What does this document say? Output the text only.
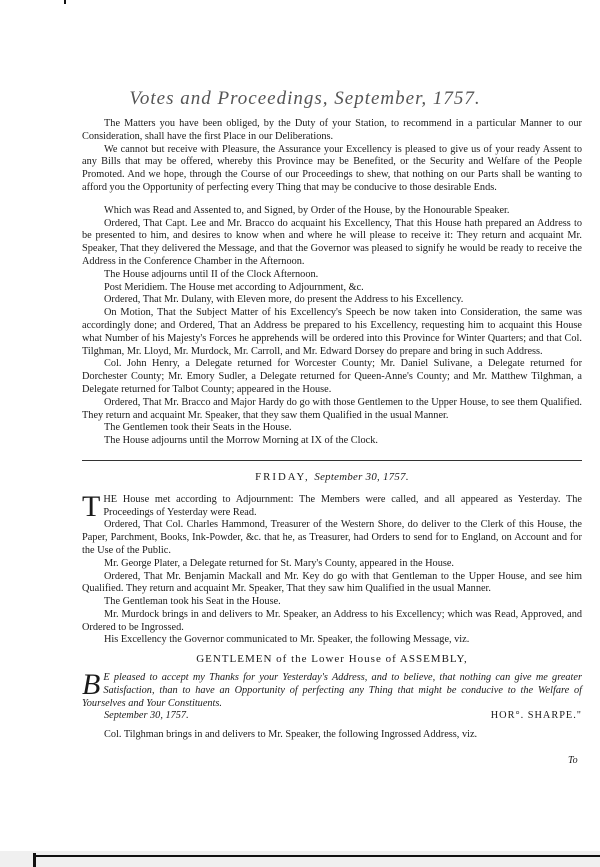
Votes and Proceedings, September, 1757.

The Matters you have been obliged, by the Duty of your Station, to recommend in a particular Manner to our Consideration, shall have the first Place in our Deliberations.

We cannot but receive with Pleasure, the Assurance your Excellency is pleased to give us of your ready Assent to any Bills that may be offered, whereby this Province may be Benefited, or the Security and Welfare of the People Promoted. And we hope, through the Course of our Proceedings to shew, that nothing on our Parts shall be wanting to afford you the Opportunity of perfecting every Thing that may be conducive to those desirable Ends.

Which was Read and Assented to, and Signed, by Order of the House, by the Honourable Speaker.

Ordered, That Capt. Lee and Mr. Bracco do acquaint his Excellency, That this House hath prepared an Address to be presented to him, and desires to know when and where he will please to receive it: They return and acquaint Mr. Speaker, That they delivered the Message, and that the Governor was pleased to signify he would be ready to receive the Address in the Conference Chamber in the Afternoon.

The House adjourns until II of the Clock Afternoon.

Post Meridiem. The House met according to Adjournment, &c.

Ordered, That Mr. Dulany, with Eleven more, do present the Address to his Excellency.

On Motion, That the Subject Matter of his Excellency's Speech be now taken into Consideration, the same was accordingly done; and Ordered, That an Address be prepared to his Excellency, requesting him to acquaint this House what Number of his Majesty's Forces he apprehends will be ordered into this Province for Winter Quarters; and that Col. Tilghman, Mr. Lloyd, Mr. Murdock, Mr. Carroll, and Mr. Edward Dorsey do prepare and bring in such Address.

Col. John Henry, a Delegate returned for Worcester County; Mr. Daniel Sulivane, a Delegate returned for Dorchester County; Mr. Emory Sudler, a Delegate returned for Queen-Anne's County; and Mr. Matthew Tilghman, a Delegate returned for Talbot County; appeared in the House.

Ordered, That Mr. Bracco and Major Hardy do go with those Gentlemen to the Upper House, to see them Qualified. They return and acquaint Mr. Speaker, that they saw them Qualified in the usual Manner.

The Gentlemen took their Seats in the House.

The House adjourns until the Morrow Morning at IX of the Clock.

FRIDAY, September 30, 1757.

T HE House met according to Adjournment: The Members were called, and all appeared as Yesterday. The Proceedings of Yesterday were Read.

Ordered, That Col. Charles Hammond, Treasurer of the Western Shore, do deliver to the Clerk of this House, the Paper, Parchment, Books, Ink-Powder, &c. that he, as Treasurer, had Orders to send for to England, on Account and for the Use of the Public.

Mr. George Plater, a Delegate returned for St. Mary's County, appeared in the House.

Ordered, That Mr. Benjamin Mackall and Mr. Key do go with that Gentleman to the Upper House, and see him Qualified. They return and acquaint Mr. Speaker, That they saw him Qualified in the usual Manner.

The Gentleman took his Seat in the House.

Mr. Murdock brings in and delivers to Mr. Speaker, an Address to his Excellency; which was Read, Approved, and Ordered to be Ingrossed.

His Excellency the Governor communicated to Mr. Speaker, the following Message, viz.

GENTLEMEN of the Lower House of ASSEMBLY,

B E pleased to accept my Thanks for your Yesterday's Address, and to believe, that nothing can give me greater Satisfaction, than to have an Opportunity of perfecting any Thing that might be conducive to the Welfare of Yourselves and Your Constituents.

September 30, 1757.	HOR°. SHARPE."

Col. Tilghman brings in and delivers to Mr. Speaker, the following Ingrossed Address, viz.

To
